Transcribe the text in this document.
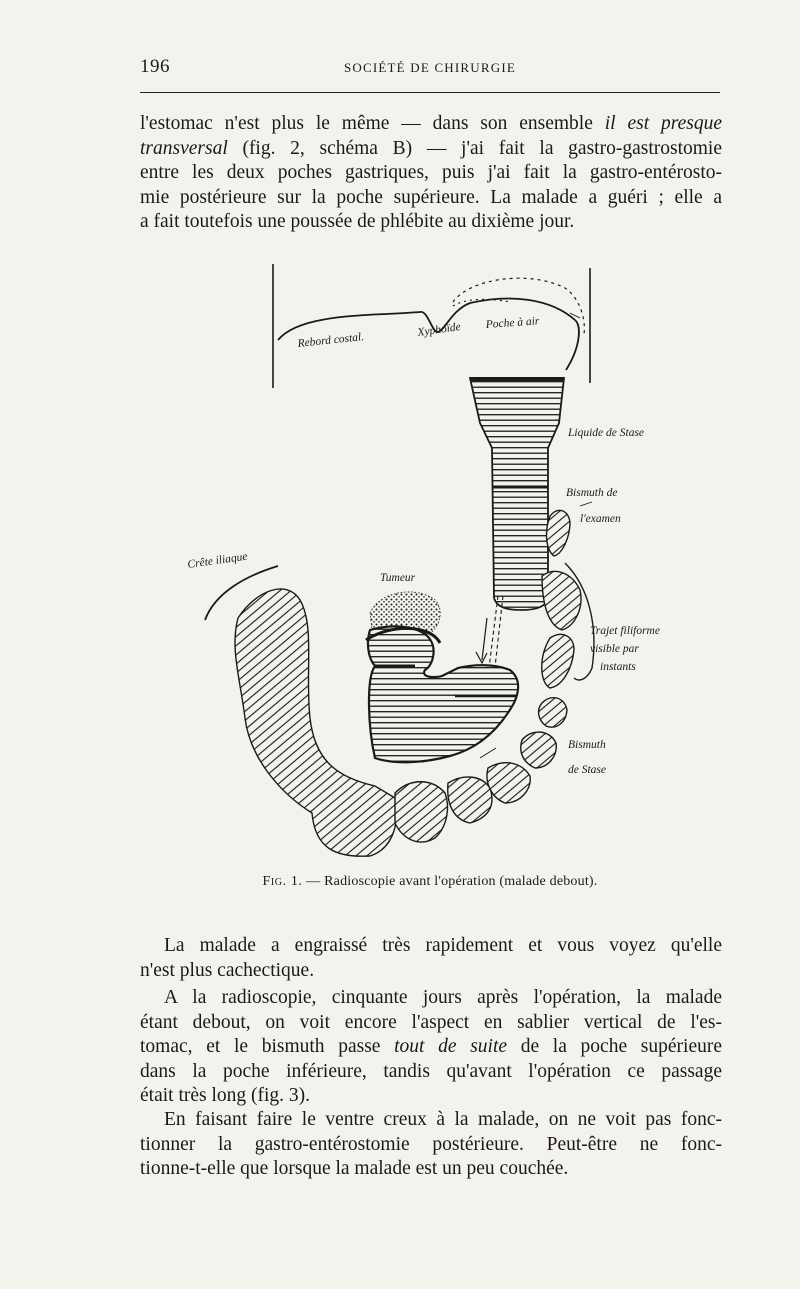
196	SOCIÉTÉ DE CHIRURGIE

l'estomac n'est plus le même — dans son ensemble il est presque
transversal (fig. 2, schéma B) — j'ai fait la gastro-gastrostomie
entre les deux poches gastriques, puis j'ai fait la gastro-entérosto-
mie postérieure sur la poche supérieure. La malade a guéri ; elle a
a fait toutefois une poussée de phlébite au dixième jour.

Rebord costal.
Xyphoïde Poche à air
Liquide de Stase
Bismuth de
l'examen
Crête iliaque
Tumeur
Trajet filiforme
visible par
instants
Bismuth
de Stase
Fig. 1. — Radioscopie avant l'opération (malade debout).

La malade a engraissé très rapidement et vous voyez qu'elle
n'est plus cachectique.

A la radioscopie, cinquante jours après l'opération, la malade
étant debout, on voit encore l'aspect en sablier vertical de l'es-
tomac, et le bismuth passe tout de suite de la poche supérieure
dans la poche inférieure, tandis qu'avant l'opération ce passage
était très long (fig. 3).

En faisant faire le ventre creux à la malade, on ne voit pas fonc-
tionner la gastro-entérostomie postérieure. Peut-être ne fonc-
tionne-t-elle que lorsque la malade est un peu couchée.
